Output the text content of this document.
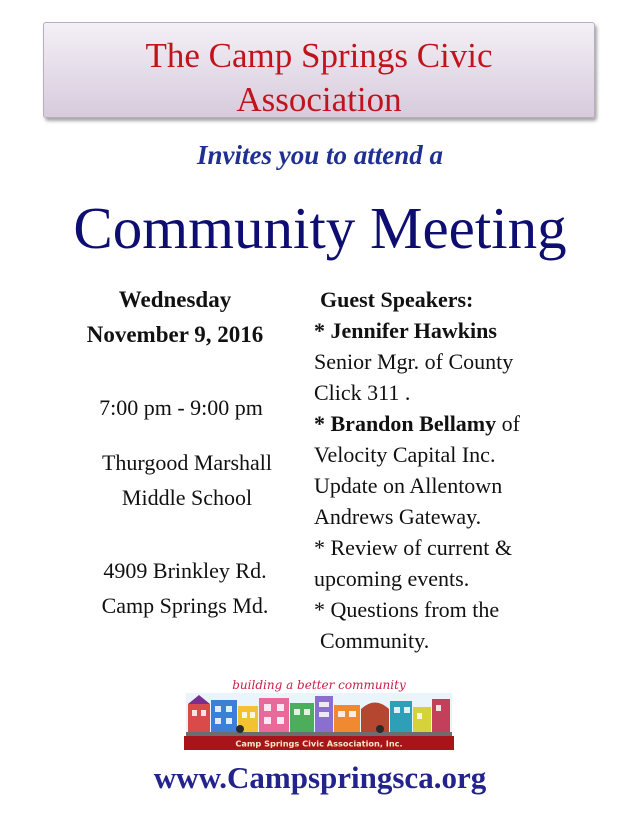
The Camp Springs Civic
Association
Invites you to attend a
Community Meeting
Wednesday
November 9, 2016
7:00 pm - 9:00 pm
Thurgood Marshall
Middle School
4909 Brinkley Rd.
Camp Springs Md.
Guest Speakers:
* Jennifer Hawkins
Senior Mgr. of County
Click 311 .
* Brandon Bellamy of
Velocity Capital Inc.
Update on Allentown
Andrews Gateway.
* Review of current &
upcoming events.
* Questions from the
Community.
building a better community
Camp Springs Civic Association, Inc.
www.Campspringsca.org
